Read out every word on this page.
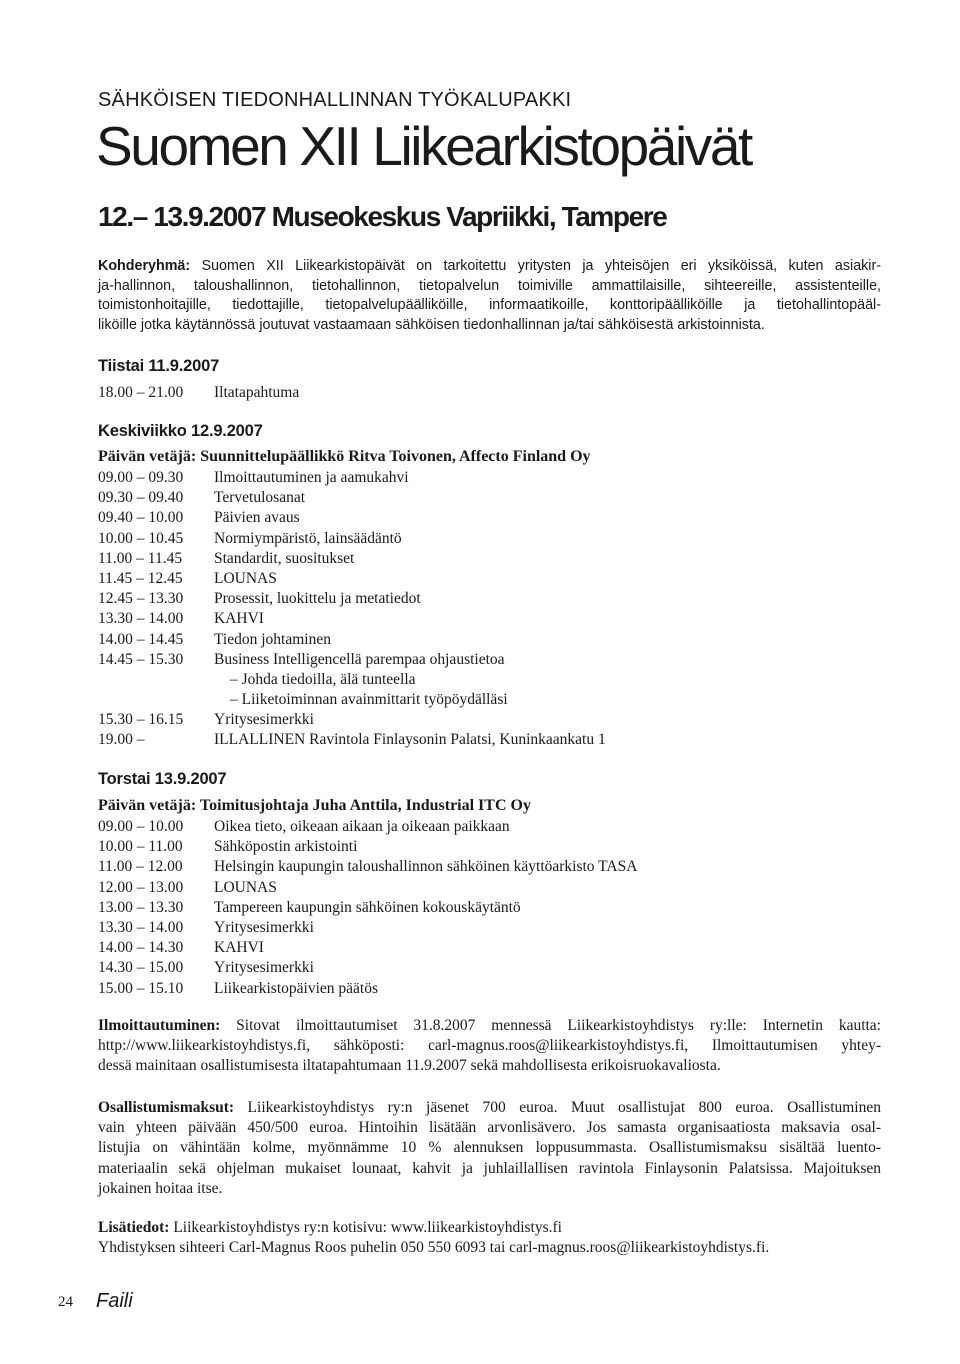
SÄHKÖISEN TIEDONHALLINNAN TYÖKALUPAKKI
Suomen XII Liikearkistopäivät
12.– 13.9.2007 Museokeskus Vapriikki, Tampere
Kohderyhmä: Suomen XII Liikearkistopäivät on tarkoitettu yritysten ja yhteisöjen eri yksiköissä, kuten asiakir-
ja-hallinnon, taloushallinnon, tietohallinnon, tietopalvelun toimiville ammattilaisille, sihteereille, assistenteille,
toimistonhoitajille, tiedottajille, tietopalvelupäälliköille, informaatikoille, konttoripäälliköille ja tietohallintopääl-
liköille jotka käytännössä joutuvat vastaamaan sähköisen tiedonhallinnan ja/tai sähköisestä arkistoinnista.
Tiistai 11.9.2007
18.00 – 21.00 Iltatapahtuma
Keskiviikko 12.9.2007
Päivän vetäjä: Suunnittelupäällikkö Ritva Toivonen, Affecto Finland Oy
09.00 – 09.30 Ilmoittautuminen ja aamukahvi
09.30 – 09.40 Tervetulosanat
09.40 – 10.00 Päivien avaus
10.00 – 10.45 Normiympäristö, lainsäädäntö
11.00 – 11.45 Standardit, suositukset
11.45 – 12.45 LOUNAS
12.45 – 13.30 Prosessit, luokittelu ja metatiedot
13.30 – 14.00 KAHVI
14.00 – 14.45 Tiedon johtaminen
14.45 – 15.30 Business Intelligencellä parempaa ohjaustietoa
– Johda tiedoilla, älä tunteella
– Liiketoiminnan avainmittarit työpöydälläsi
15.30 – 16.15 Yritysesimerkki
19.00 –	ILLALLINEN Ravintola Finlaysonin Palatsi, Kuninkaankatu 1
Torstai 13.9.2007
Päivän vetäjä: Toimitusjohtaja Juha Anttila, Industrial ITC Oy
09.00 – 10.00 Oikea tieto, oikeaan aikaan ja oikeaan paikkaan
10.00 – 11.00 Sähköpostin arkistointi
11.00 – 12.00 Helsingin kaupungin taloushallinnon sähköinen käyttöarkisto TASA
12.00 – 13.00 LOUNAS
13.00 – 13.30 Tampereen kaupungin sähköinen kokouskäytäntö
13.30 – 14.00 Yritysesimerkki
14.00 – 14.30 KAHVI
14.30 – 15.00 Yritysesimerkki
15.00 – 15.10 Liikearkistopäivien päätös
Ilmoittautuminen: Sitovat ilmoittautumiset 31.8.2007 mennessä Liikearkistoyhdistys ry:lle: Internetin kautta:
http://www.liikearkistoyhdistys.fi, sähköposti: carl-magnus.roos@liikearkistoyhdistys.fi, Ilmoittautumisen yhtey-
dessä mainitaan osallistumisesta iltatapahtumaan 11.9.2007 sekä mahdollisesta erikoisruokavaliosta.
Osallistumismaksut: Liikearkistoyhdistys ry:n jäsenet 700 euroa. Muut osallistujat 800 euroa. Osallistuminen
vain yhteen päivään 450/500 euroa. Hintoihin lisätään arvonlisävero. Jos samasta organisaatiosta maksavia osal-
listujia on vähintään kolme, myönnämme 10 % alennuksen loppusummasta. Osallistumismaksu sisältää luento-
materiaalin sekä ohjelman mukaiset lounaat, kahvit ja juhlaillallisen ravintola Finlaysonin Palatsissa. Majoituksen
jokainen hoitaa itse.
Lisätiedot: Liikearkistoyhdistys ry:n kotisivu: www.liikearkistoyhdistys.fi
Yhdistyksen sihteeri Carl-Magnus Roos puhelin 050 550 6093 tai carl-magnus.roos@liikearkistoyhdistys.fi.
24 Faili
